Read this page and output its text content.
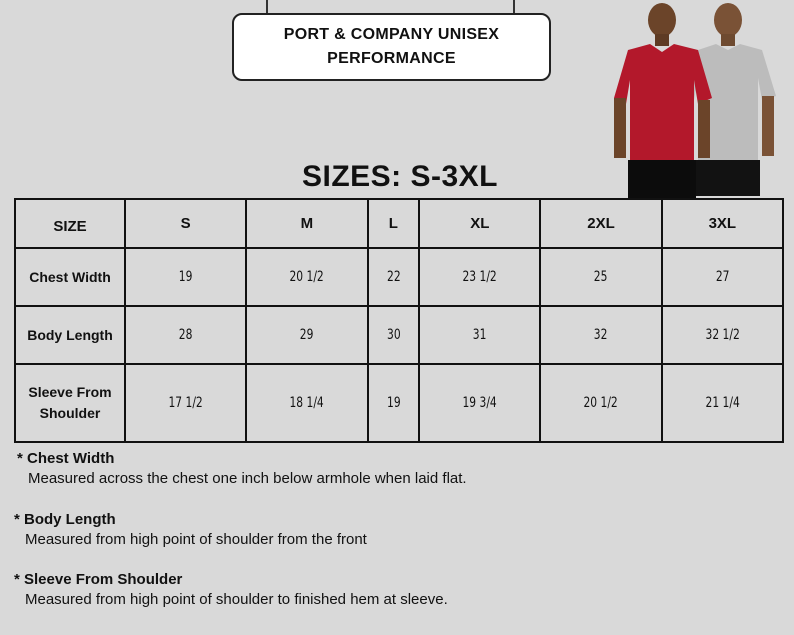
PORT & COMPANY UNISEX
PERFORMANCE
SIZES: S-3XL
SIZE	S	M	L	XL	2XL	3XL
Chest Width	19	20 1/2	22	23 1/2	25	27
Body Length	28	29	30	31	32	32 1/2
Sleeve From
Shoulder	17 1/2	18 1/4	19	19 3/4	20 1/2	21 1/4
* Chest Width
Measured across the chest one inch below armhole when laid flat.
* Body Length
Measured from high point of shoulder from the front
* Sleeve From Shoulder
Measured from high point of shoulder to finished hem at sleeve.
